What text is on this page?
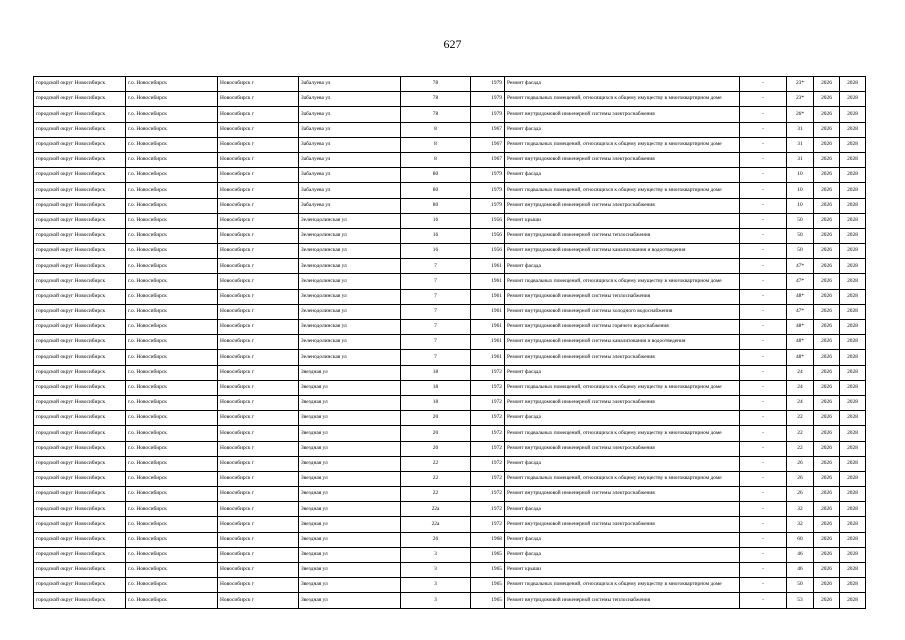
627
городской округ Новосибирск	г.о. Новосибирск	Новосибирск г	Забалуева ул	78	1979	Ремонт фасада	-	23*	2026	2028
городской округ Новосибирск	г.о. Новосибирск	Новосибирск г	Забалуева ул	78	1979	Ремонт подвальных помещений, относящихся к общему имуществу в многоквартирном доме	-	23*	2026	2028
городской округ Новосибирск	г.о. Новосибирск	Новосибирск г	Забалуева ул	78	1979	Ремонт внутридомовой инженерной системы электроснабжения	-	26*	2026	2028
городской округ Новосибирск	г.о. Новосибирск	Новосибирск г	Забалуева ул	8	1967	Ремонт фасада	-	31	2026	2028
городской округ Новосибирск	г.о. Новосибирск	Новосибирск г	Забалуева ул	8	1967	Ремонт подвальных помещений, относящихся к общему имуществу в многоквартирном доме	-	31	2026	2028
городской округ Новосибирск	г.о. Новосибирск	Новосибирск г	Забалуева ул	8	1967	Ремонт внутридомовой инженерной системы электроснабжения	-	31	2026	2028
городской округ Новосибирск	г.о. Новосибирск	Новосибирск г	Забалуева ул	80	1979	Ремонт фасада	-	10	2026	2028
городской округ Новосибирск	г.о. Новосибирск	Новосибирск г	Забалуева ул	80	1979	Ремонт подвальных помещений, относящихся к общему имуществу в многоквартирном доме	-	10	2026	2028
городской округ Новосибирск	г.о. Новосибирск	Новосибирск г	Забалуева ул	80	1979	Ремонт внутридомовой инженерной системы электроснабжения	-	10	2026	2028
городской округ Новосибирск	г.о. Новосибирск	Новосибирск г	Зеленодолинская ул	16	1956	Ремонт крыши	-	50	2026	2028
городской округ Новосибирск	г.о. Новосибирск	Новосибирск г	Зеленодолинская ул	16	1956	Ремонт внутридомовой инженерной системы теплоснабжения	-	50	2026	2028
городской округ Новосибирск	г.о. Новосибирск	Новосибирск г	Зеленодолинская ул	16	1956	Ремонт внутридомовой инженерной системы канализования и водоотведения	-	50	2026	2028
городской округ Новосибирск	г.о. Новосибирск	Новосибирск г	Зеленодолинская ул	7	1961	Ремонт фасада	-	47*	2026	2028
городской округ Новосибирск	г.о. Новосибирск	Новосибирск г	Зеленодолинская ул	7	1961	Ремонт подвальных помещений, относящихся к общему имуществу в многоквартирном доме	-	47*	2026	2028
городской округ Новосибирск	г.о. Новосибирск	Новосибирск г	Зеленодолинская ул	7	1961	Ремонт внутридомовой инженерной системы теплоснабжения	-	48*	2026	2028
городской округ Новосибирск	г.о. Новосибирск	Новосибирск г	Зеленодолинская ул	7	1961	Ремонт внутридомовой инженерной системы холодного водоснабжения	-	47*	2026	2028
городской округ Новосибирск	г.о. Новосибирск	Новосибирск г	Зеленодолинская ул	7	1961	Ремонт внутридомовой инженерной системы горячего водоснабжения	-	48*	2026	2028
городской округ Новосибирск	г.о. Новосибирск	Новосибирск г	Зеленодолинская ул	7	1961	Ремонт внутридомовой инженерной системы канализования и водоотведения	-	48*	2026	2028
городской округ Новосибирск	г.о. Новосибирск	Новосибирск г	Зеленодолинская ул	7	1961	Ремонт внутридомовой инженерной системы электроснабжения	-	48*	2026	2028
городской округ Новосибирск	г.о. Новосибирск	Новосибирск г	Звездная ул	18	1972	Ремонт фасада	-	24	2026	2028
городской округ Новосибирск	г.о. Новосибирск	Новосибирск г	Звездная ул	18	1972	Ремонт подвальных помещений, относящихся к общему имуществу в многоквартирном доме	-	24	2026	2028
городской округ Новосибирск	г.о. Новосибирск	Новосибирск г	Звездная ул	18	1972	Ремонт внутридомовой инженерной системы электроснабжения	-	24	2026	2028
городской округ Новосибирск	г.о. Новосибирск	Новосибирск г	Звездная ул	20	1972	Ремонт фасада	-	22	2026	2028
городской округ Новосибирск	г.о. Новосибирск	Новосибирск г	Звездная ул	20	1972	Ремонт подвальных помещений, относящихся к общему имуществу в многоквартирном доме	-	22	2026	2028
городской округ Новосибирск	г.о. Новосибирск	Новосибирск г	Звездная ул	20	1972	Ремонт внутридомовой инженерной системы электроснабжения	-	22	2026	2028
городской округ Новосибирск	г.о. Новосибирск	Новосибирск г	Звездная ул	22	1972	Ремонт фасада	-	26	2026	2028
городской округ Новосибирск	г.о. Новосибирск	Новосибирск г	Звездная ул	22	1972	Ремонт подвальных помещений, относящихся к общему имуществу в многоквартирном доме	-	26	2026	2028
городской округ Новосибирск	г.о. Новосибирск	Новосибирск г	Звездная ул	22	1972	Ремонт внутридомовой инженерной системы электроснабжения	-	26	2026	2028
городской округ Новосибирск	г.о. Новосибирск	Новосибирск г	Звездная ул	22а	1972	Ремонт фасада	-	32	2026	2028
городской округ Новосибирск	г.о. Новосибирск	Новосибирск г	Звездная ул	22а	1972	Ремонт внутридомовой инженерной системы электроснабжения	-	32	2026	2028
городской округ Новосибирск	г.о. Новосибирск	Новосибирск г	Звездная ул	26	1968	Ремонт фасада	-	60	2026	2028
городской округ Новосибирск	г.о. Новосибирск	Новосибирск г	Звездная ул	3	1965	Ремонт фасада	-	46	2026	2028
городской округ Новосибирск	г.о. Новосибирск	Новосибирск г	Звездная ул	3	1965	Ремонт крыши	-	46	2026	2028
городской округ Новосибирск	г.о. Новосибирск	Новосибирск г	Звездная ул	3	1965	Ремонт подвальных помещений, относящихся к общему имуществу в многоквартирном доме	-	50	2026	2028
городской округ Новосибирск	г.о. Новосибирск	Новосибирск г	Звездная ул	3	1965	Ремонт внутридомовой инженерной системы теплоснабжения	-	53	2026	2028
